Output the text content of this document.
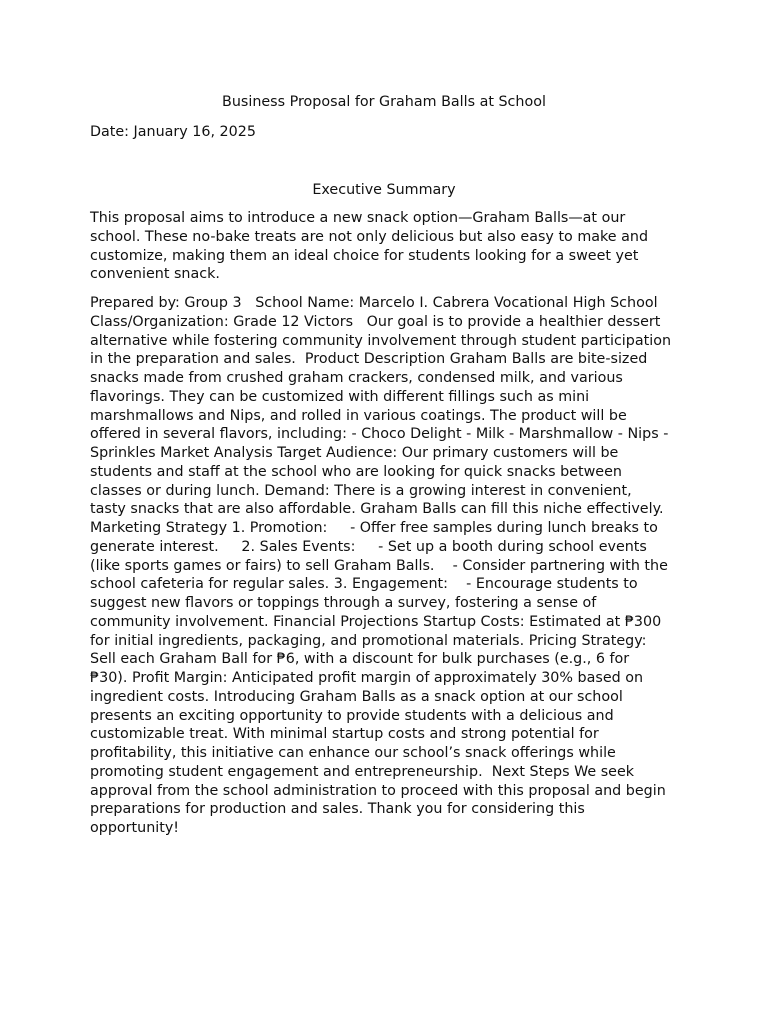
Business Proposal for Graham Balls at School
Date: January 16, 2025
Executive Summary
This proposal aims to introduce a new snack option—Graham Balls—at our
school. These no-bake treats are not only delicious but also easy to make and
customize, making them an ideal choice for students looking for a sweet yet
convenient snack.
Prepared by: Group 3   School Name: Marcelo I. Cabrera Vocational High School
Class/Organization: Grade 12 Victors   Our goal is to provide a healthier dessert
alternative while fostering community involvement through student participation
in the preparation and sales.  Product Description Graham Balls are bite-sized
snacks made from crushed graham crackers, condensed milk, and various
flavorings. They can be customized with different fillings such as mini
marshmallows and Nips, and rolled in various coatings. The product will be
offered in several flavors, including: - Choco Delight - Milk - Marshmallow - Nips -
Sprinkles Market Analysis Target Audience: Our primary customers will be
students and staff at the school who are looking for quick snacks between
classes or during lunch. Demand: There is a growing interest in convenient,
tasty snacks that are also affordable. Graham Balls can fill this niche effectively.
Marketing Strategy 1. Promotion:     - Offer free samples during lunch breaks to
generate interest.     2. Sales Events:     - Set up a booth during school events
(like sports games or fairs) to sell Graham Balls.    - Consider partnering with the
school cafeteria for regular sales. 3. Engagement:    - Encourage students to
suggest new flavors or toppings through a survey, fostering a sense of
community involvement. Financial Projections Startup Costs: Estimated at ₱300
for initial ingredients, packaging, and promotional materials. Pricing Strategy:
Sell each Graham Ball for ₱6, with a discount for bulk purchases (e.g., 6 for
₱30). Profit Margin: Anticipated profit margin of approximately 30% based on
ingredient costs. Introducing Graham Balls as a snack option at our school
presents an exciting opportunity to provide students with a delicious and
customizable treat. With minimal startup costs and strong potential for
profitability, this initiative can enhance our school’s snack offerings while
promoting student engagement and entrepreneurship.  Next Steps We seek
approval from the school administration to proceed with this proposal and begin
preparations for production and sales. Thank you for considering this
opportunity!
